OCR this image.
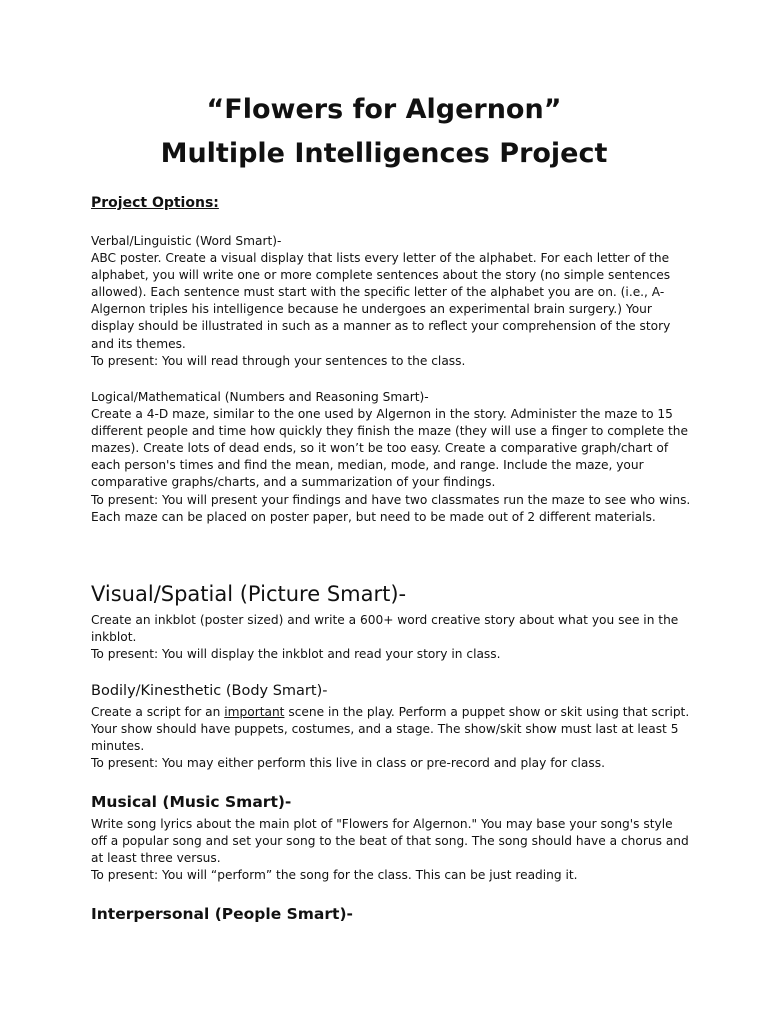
“Flowers for Algernon”
Multiple Intelligences Project
Project Options:

Verbal/Linguistic (Word Smart)-

ABC poster. Create a visual display that lists every letter of the alphabet. For each letter of the alphabet, you will write one or more complete sentences about the story (no simple sentences allowed). Each sentence must start with the specific letter of the alphabet you are on. (i.e., A- Algernon triples his intelligence because he undergoes an experimental brain surgery.) Your display should be illustrated in such as a manner as to reflect your comprehension of the story and its themes.

To present: You will read through your sentences to the class.

Logical/Mathematical (Numbers and Reasoning Smart)-

Create a 4-D maze, similar to the one used by Algernon in the story. Administer the maze to 15 different people and time how quickly they finish the maze (they will use a finger to complete the mazes). Create lots of dead ends, so it won’t be too easy. Create a comparative graph/chart of each person's times and find the mean, median, mode, and range. Include the maze, your comparative graphs/charts, and a summarization of your findings.

To present: You will present your findings and have two classmates run the maze to see who wins. Each maze can be placed on poster paper, but need to be made out of 2 different materials.

Visual/Spatial (Picture Smart)-

Create an inkblot (poster sized) and write a 600+ word creative story about what you see in the inkblot.

To present: You will display the inkblot and read your story in class.

Bodily/Kinesthetic (Body Smart)-

Create a script for an important scene in the play. Perform a puppet show or skit using that script. Your show should have puppets, costumes, and a stage. The show/skit show must last at least 5 minutes.

To present: You may either perform this live in class or pre-record and play for class.

Musical (Music Smart)-

Write song lyrics about the main plot of "Flowers for Algernon." You may base your song's style off a popular song and set your song to the beat of that song. The song should have a chorus and at least three versus.

To present: You will “perform” the song for the class. This can be just reading it.

Interpersonal (People Smart)-
